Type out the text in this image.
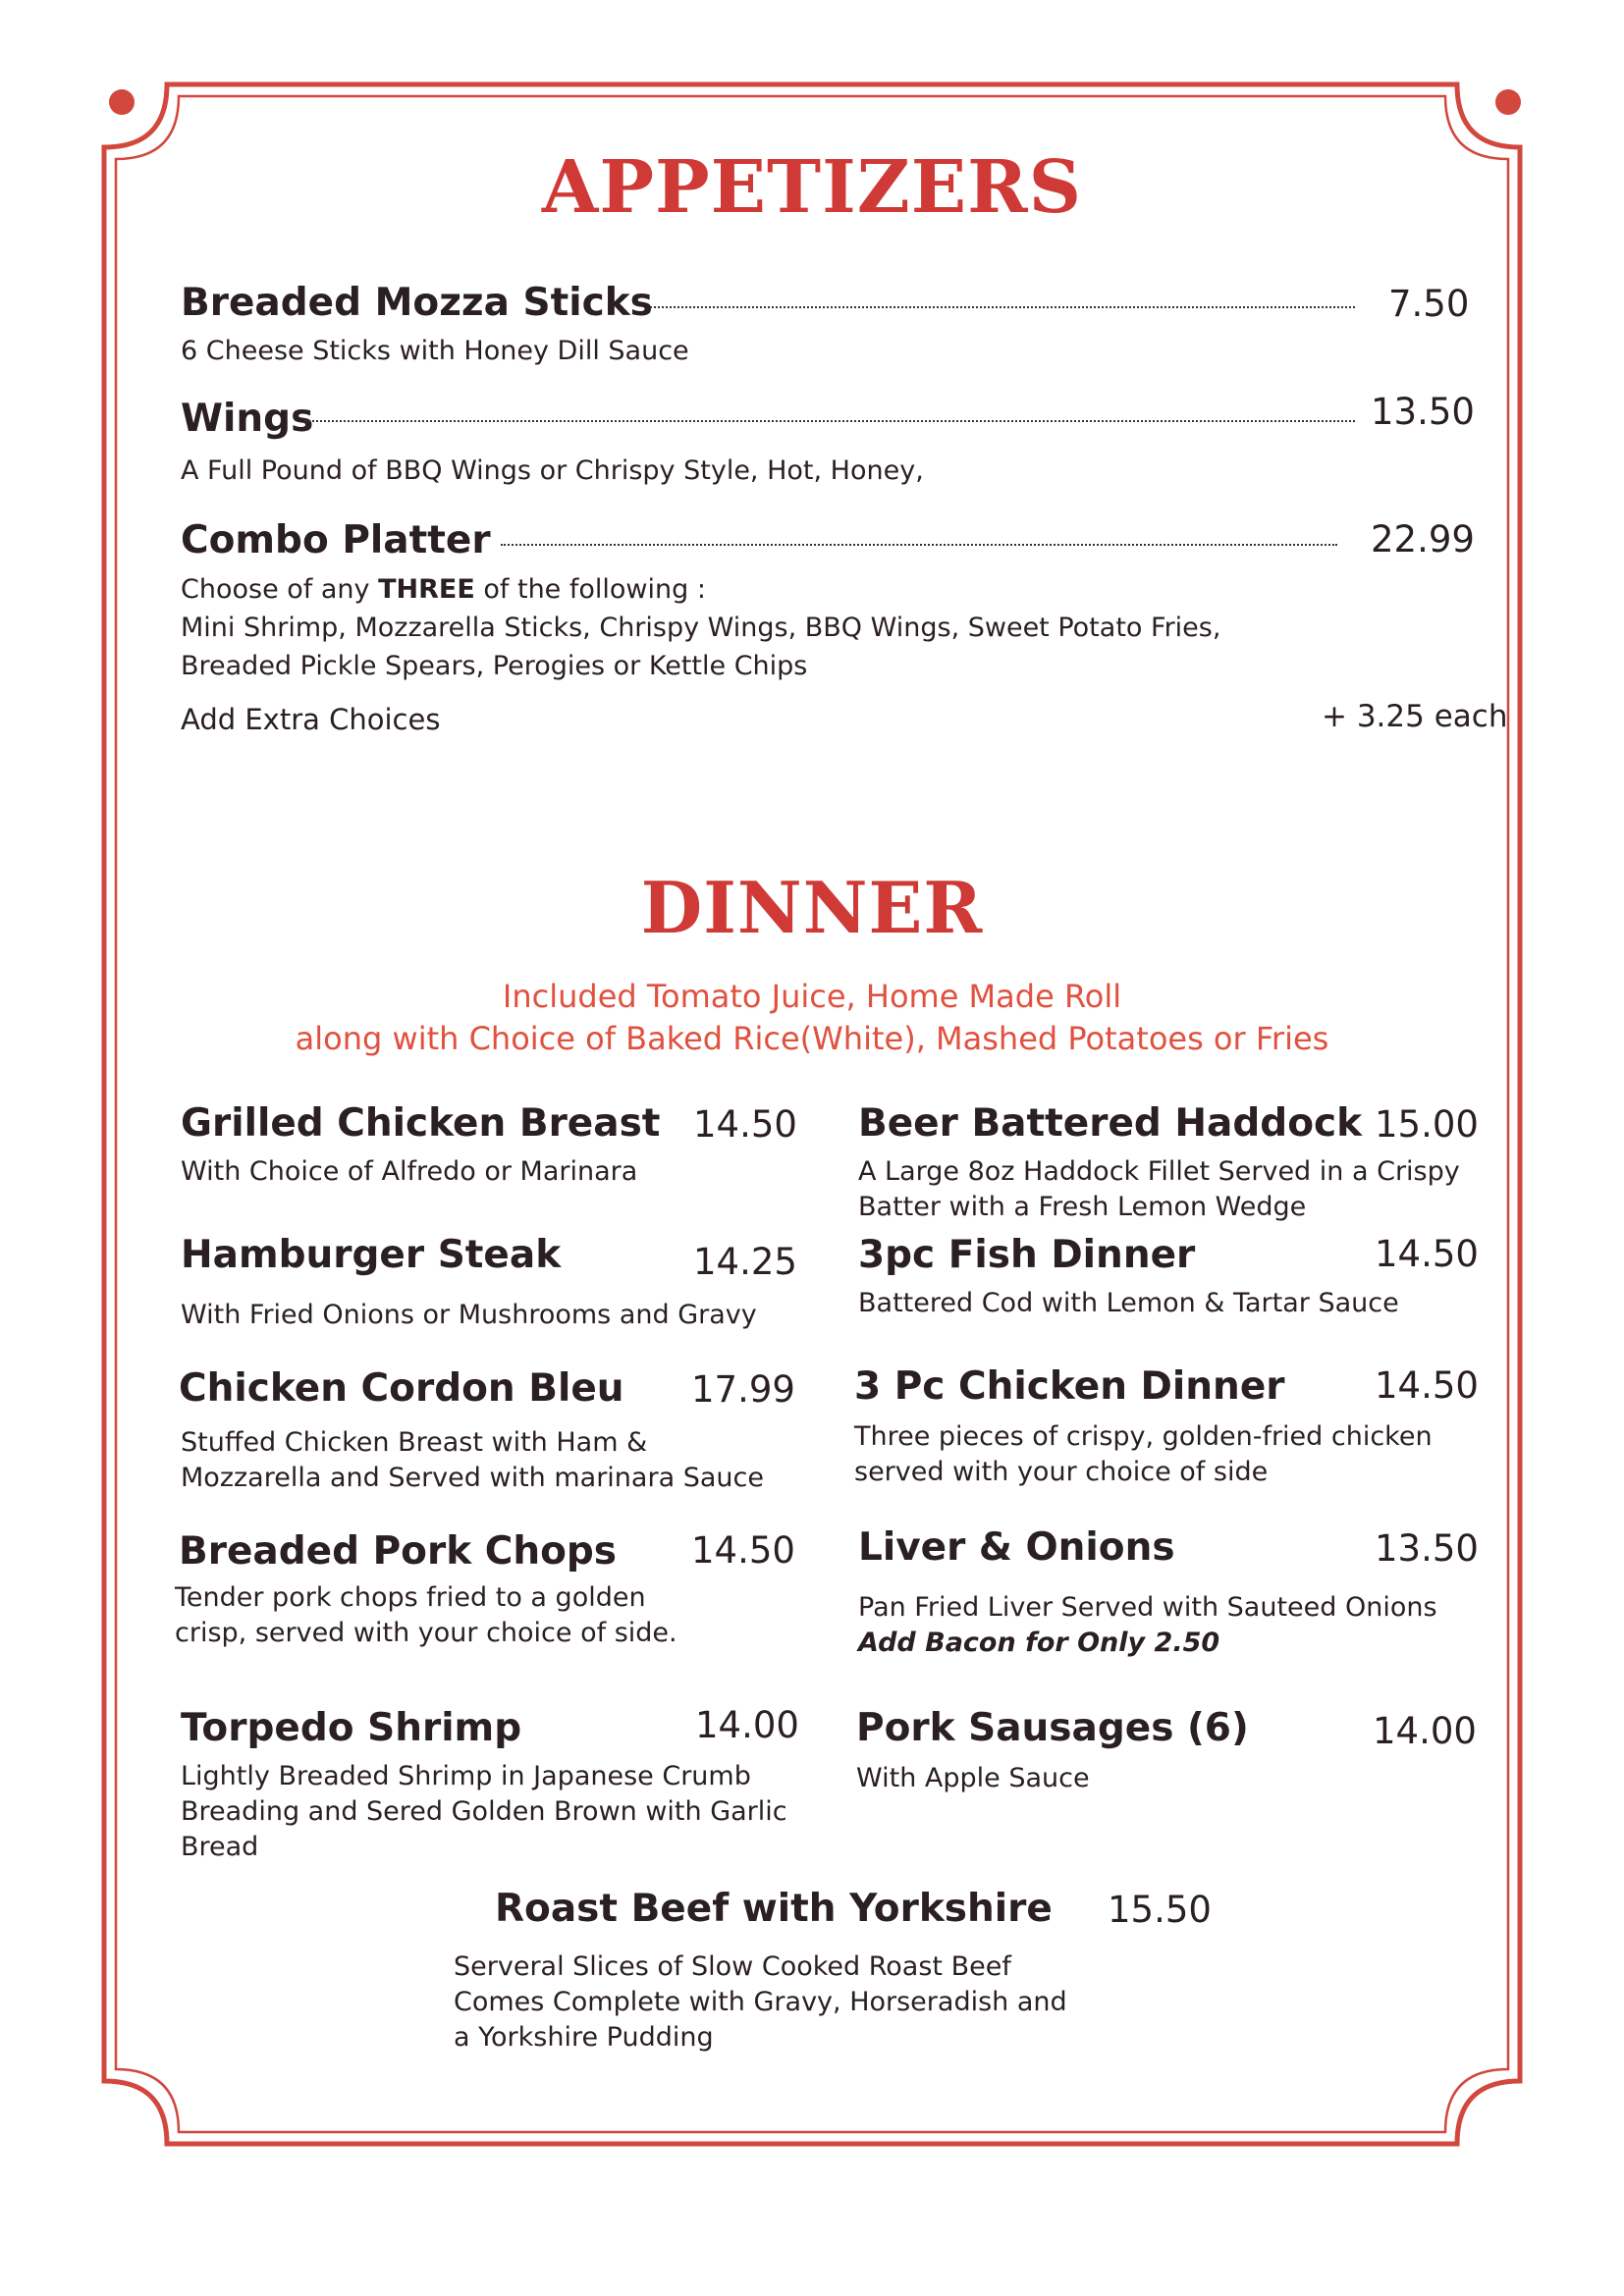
APPETIZERS
Breaded Mozza Sticks	7.50
6 Cheese Sticks with Honey Dill Sauce
Wings	13.50
A Full Pound of BBQ Wings or Chrispy Style, Hot, Honey,
Combo Platter	22.99
Choose of any THREE of the following :
Mini Shrimp, Mozzarella Sticks, Chrispy Wings, BBQ Wings, Sweet Potato Fries,
Breaded Pickle Spears, Perogies or Kettle Chips
Add Extra Choices	+ 3.25 each
DINNER
Included Tomato Juice, Home Made Roll
along with Choice of Baked Rice(White), Mashed Potatoes or Fries
Grilled Chicken Breast 14.50
With Choice of Alfredo or Marinara
Hamburger Steak	14.25
With Fried Onions or Mushrooms and Gravy
Chicken Cordon Bleu 17.99
Stuffed Chicken Breast with Ham &
Mozzarella and Served with marinara Sauce
Breaded Pork Chops 14.50
Tender pork chops fried to a golden
crisp, served with your choice of side.
Torpedo Shrimp	14.00
Lightly Breaded Shrimp in Japanese Crumb
Breading and Sered Golden Brown with Garlic
Bread
Beer Battered Haddock 15.00
A Large 8oz Haddock Fillet Served in a Crispy
Batter with a Fresh Lemon Wedge
3pc Fish Dinner	14.50
Battered Cod with Lemon & Tartar Sauce
3 Pc Chicken Dinner 14.50
Three pieces of crispy, golden-fried chicken
served with your choice of side
Liver & Onions	13.50
Pan Fried Liver Served with Sauteed Onions
Add Bacon for Only 2.50
Pork Sausages (6)	14.00
With Apple Sauce
Roast Beef with Yorkshire 15.50
Serveral Slices of Slow Cooked Roast Beef
Comes Complete with Gravy, Horseradish and
a Yorkshire Pudding
